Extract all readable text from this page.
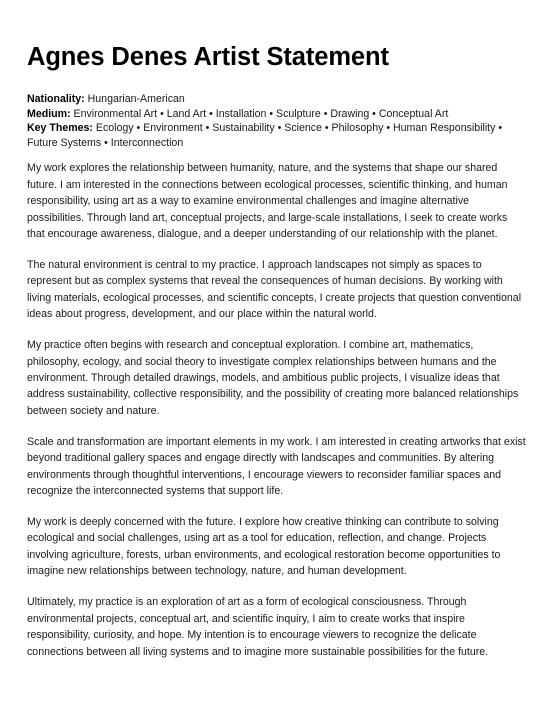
Agnes Denes Artist Statement

Nationality: Hungarian-American

Medium: Environmental Art • Land Art • Installation • Sculpture • Drawing • Conceptual Art

Key Themes: Ecology • Environment • Sustainability • Science • Philosophy • Human Responsibility • Future Systems • Interconnection

My work explores the relationship between humanity, nature, and the systems that shape our shared future. I am interested in the connections between ecological processes, scientific thinking, and human responsibility, using art as a way to examine environmental challenges and imagine alternative possibilities. Through land art, conceptual projects, and large-scale installations, I seek to create works that encourage awareness, dialogue, and a deeper understanding of our relationship with the planet.

The natural environment is central to my practice. I approach landscapes not simply as spaces to represent but as complex systems that reveal the consequences of human decisions. By working with living materials, ecological processes, and scientific concepts, I create projects that question conventional ideas about progress, development, and our place within the natural world.

My practice often begins with research and conceptual exploration. I combine art, mathematics, philosophy, ecology, and social theory to investigate complex relationships between humans and the environment. Through detailed drawings, models, and ambitious public projects, I visualize ideas that address sustainability, collective responsibility, and the possibility of creating more balanced relationships between society and nature.

Scale and transformation are important elements in my work. I am interested in creating artworks that exist beyond traditional gallery spaces and engage directly with landscapes and communities. By altering environments through thoughtful interventions, I encourage viewers to reconsider familiar spaces and recognize the interconnected systems that support life.

My work is deeply concerned with the future. I explore how creative thinking can contribute to solving ecological and social challenges, using art as a tool for education, reflection, and change. Projects involving agriculture, forests, urban environments, and ecological restoration become opportunities to imagine new relationships between technology, nature, and human development.

Ultimately, my practice is an exploration of art as a form of ecological consciousness. Through environmental projects, conceptual art, and scientific inquiry, I aim to create works that inspire responsibility, curiosity, and hope. My intention is to encourage viewers to recognize the delicate connections between all living systems and to imagine more sustainable possibilities for the future.
